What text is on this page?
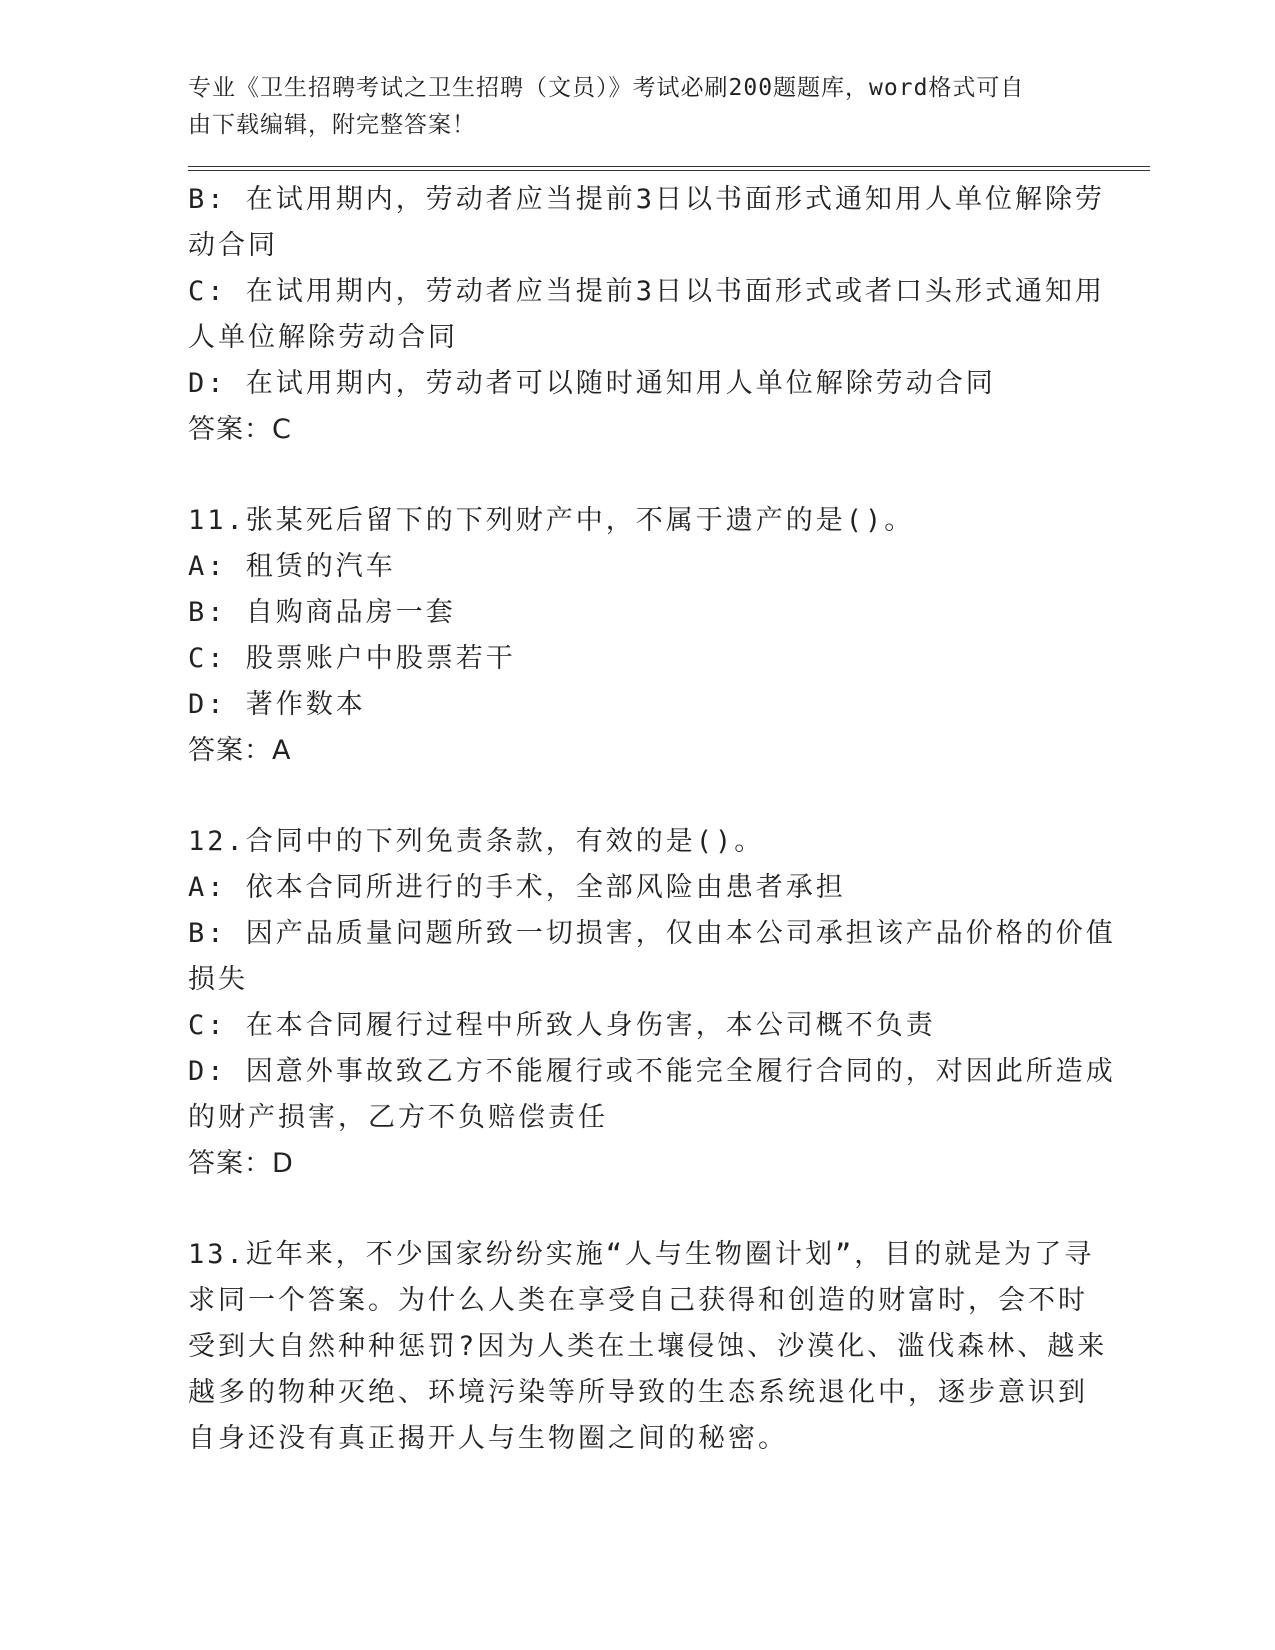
专业《卫生招聘考试之卫生招聘（文员）》考试必刷200题题库，word格式可自
由下载编辑，附完整答案！
B: 在试用期内，劳动者应当提前3日以书面形式通知用人单位解除劳
动合同
C: 在试用期内，劳动者应当提前3日以书面形式或者口头形式通知用
人单位解除劳动合同
D: 在试用期内，劳动者可以随时通知用人单位解除劳动合同
答案：C
11.张某死后留下的下列财产中，不属于遗产的是()。
A: 租赁的汽车
B: 自购商品房一套
C: 股票账户中股票若干
D: 著作数本
答案：A
12.合同中的下列免责条款，有效的是()。
A: 依本合同所进行的手术，全部风险由患者承担
B: 因产品质量问题所致一切损害，仅由本公司承担该产品价格的价值
损失
C: 在本合同履行过程中所致人身伤害，本公司概不负责
D: 因意外事故致乙方不能履行或不能完全履行合同的，对因此所造成
的财产损害，乙方不负赔偿责任
答案：D
13.近年来，不少国家纷纷实施“人与生物圈计划”，目的就是为了寻
求同一个答案。为什么人类在享受自己获得和创造的财富时，会不时
受到大自然种种惩罚?因为人类在土壤侵蚀、沙漠化、滥伐森林、越来
越多的物种灭绝、环境污染等所导致的生态系统退化中，逐步意识到
自身还没有真正揭开人与生物圈之间的秘密。
